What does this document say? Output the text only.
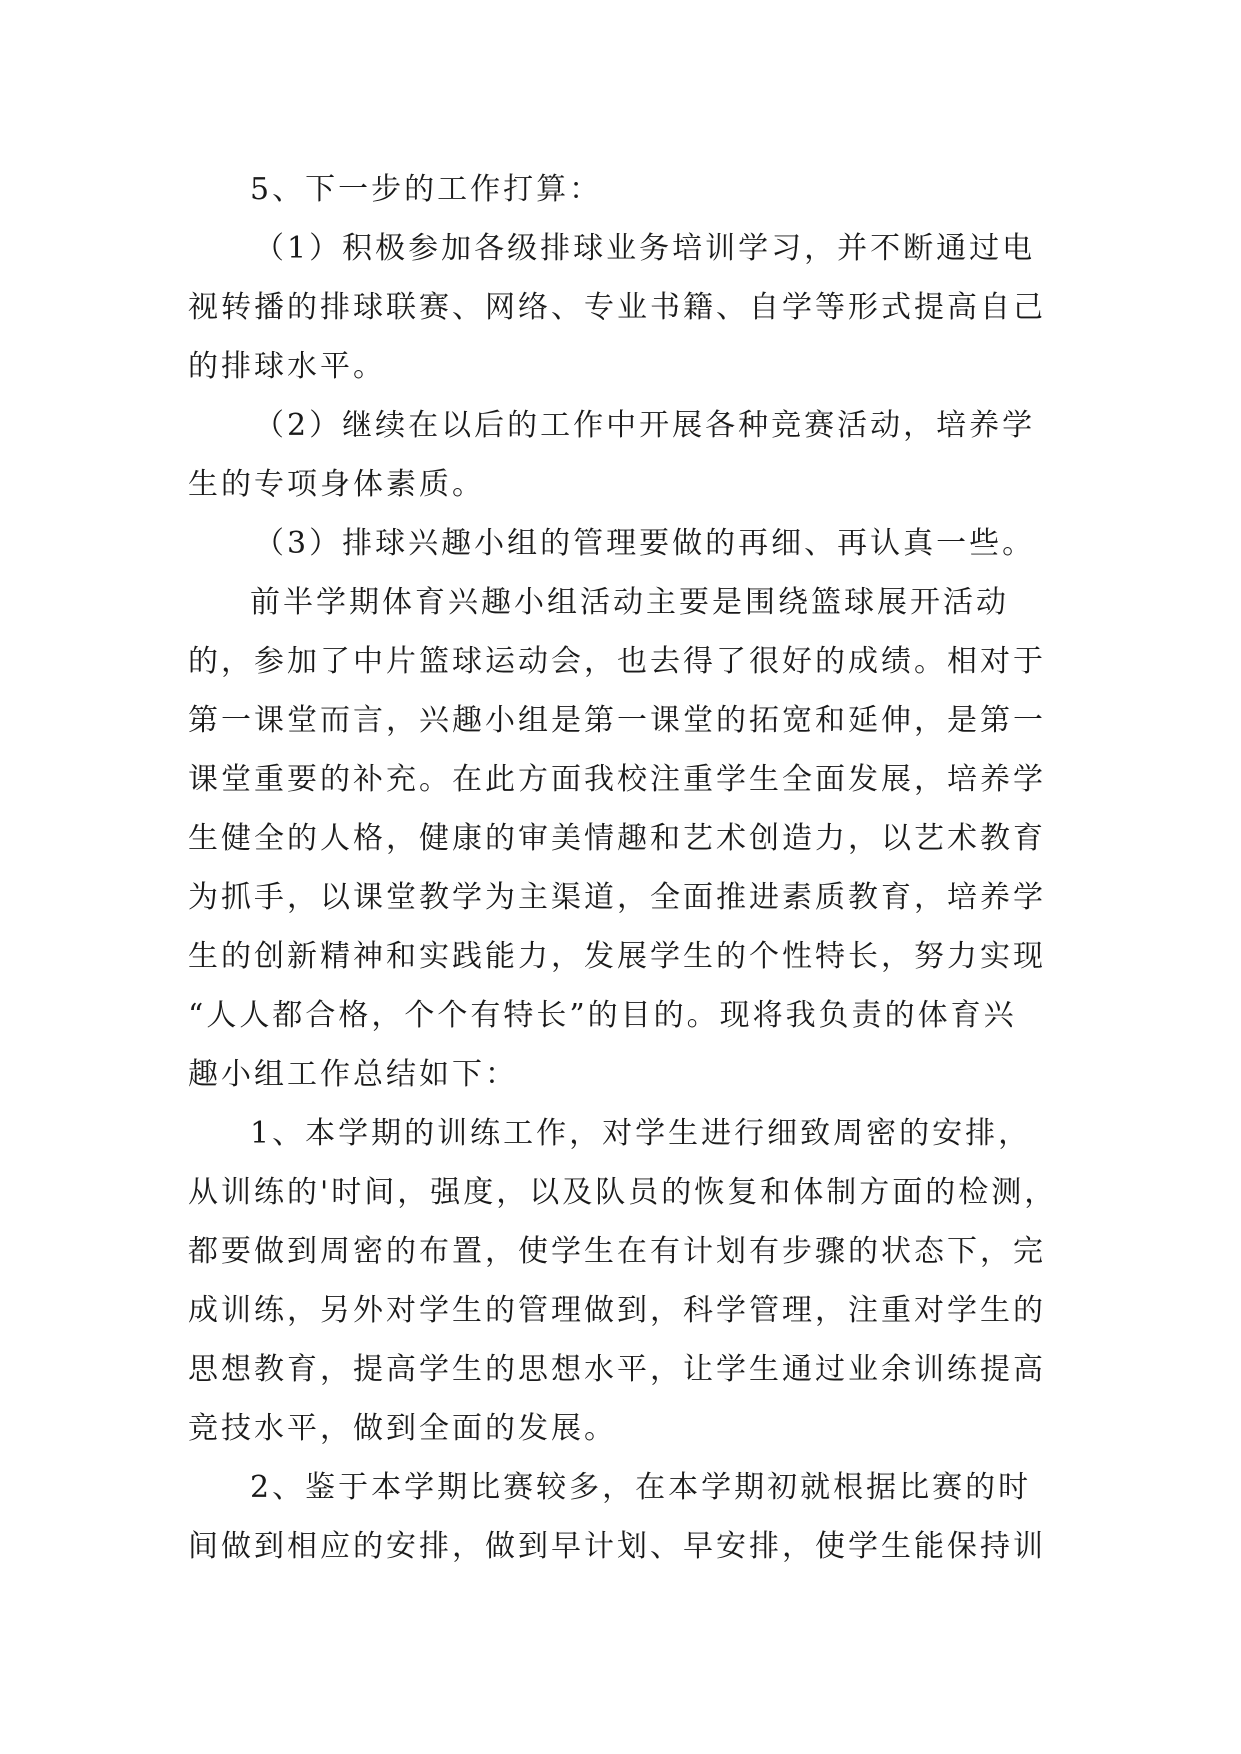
5、下一步的工作打算：
（1）积极参加各级排球业务培训学习，并不断通过电
视转播的排球联赛、网络、专业书籍、自学等形式提高自己
的排球水平。
（2）继续在以后的工作中开展各种竞赛活动，培养学
生的专项身体素质。
（3）排球兴趣小组的管理要做的再细、再认真一些。
前半学期体育兴趣小组活动主要是围绕篮球展开活动
的，参加了中片篮球运动会，也去得了很好的成绩。相对于
第一课堂而言，兴趣小组是第一课堂的拓宽和延伸，是第一
课堂重要的补充。在此方面我校注重学生全面发展，培养学
生健全的人格，健康的审美情趣和艺术创造力，以艺术教育
为抓手，以课堂教学为主渠道，全面推进素质教育，培养学
生的创新精神和实践能力，发展学生的个性特长，努力实现
“人人都合格，个个有特长”的目的。现将我负责的体育兴
趣小组工作总结如下：
1、本学期的训练工作，对学生进行细致周密的安排，
从训练的'时间，强度，以及队员的恢复和体制方面的检测，
都要做到周密的布置，使学生在有计划有步骤的状态下，完
成训练，另外对学生的管理做到，科学管理，注重对学生的
思想教育，提高学生的思想水平，让学生通过业余训练提高
竞技水平，做到全面的发展。
2、鉴于本学期比赛较多，在本学期初就根据比赛的时
间做到相应的安排，做到早计划、早安排，使学生能保持训
